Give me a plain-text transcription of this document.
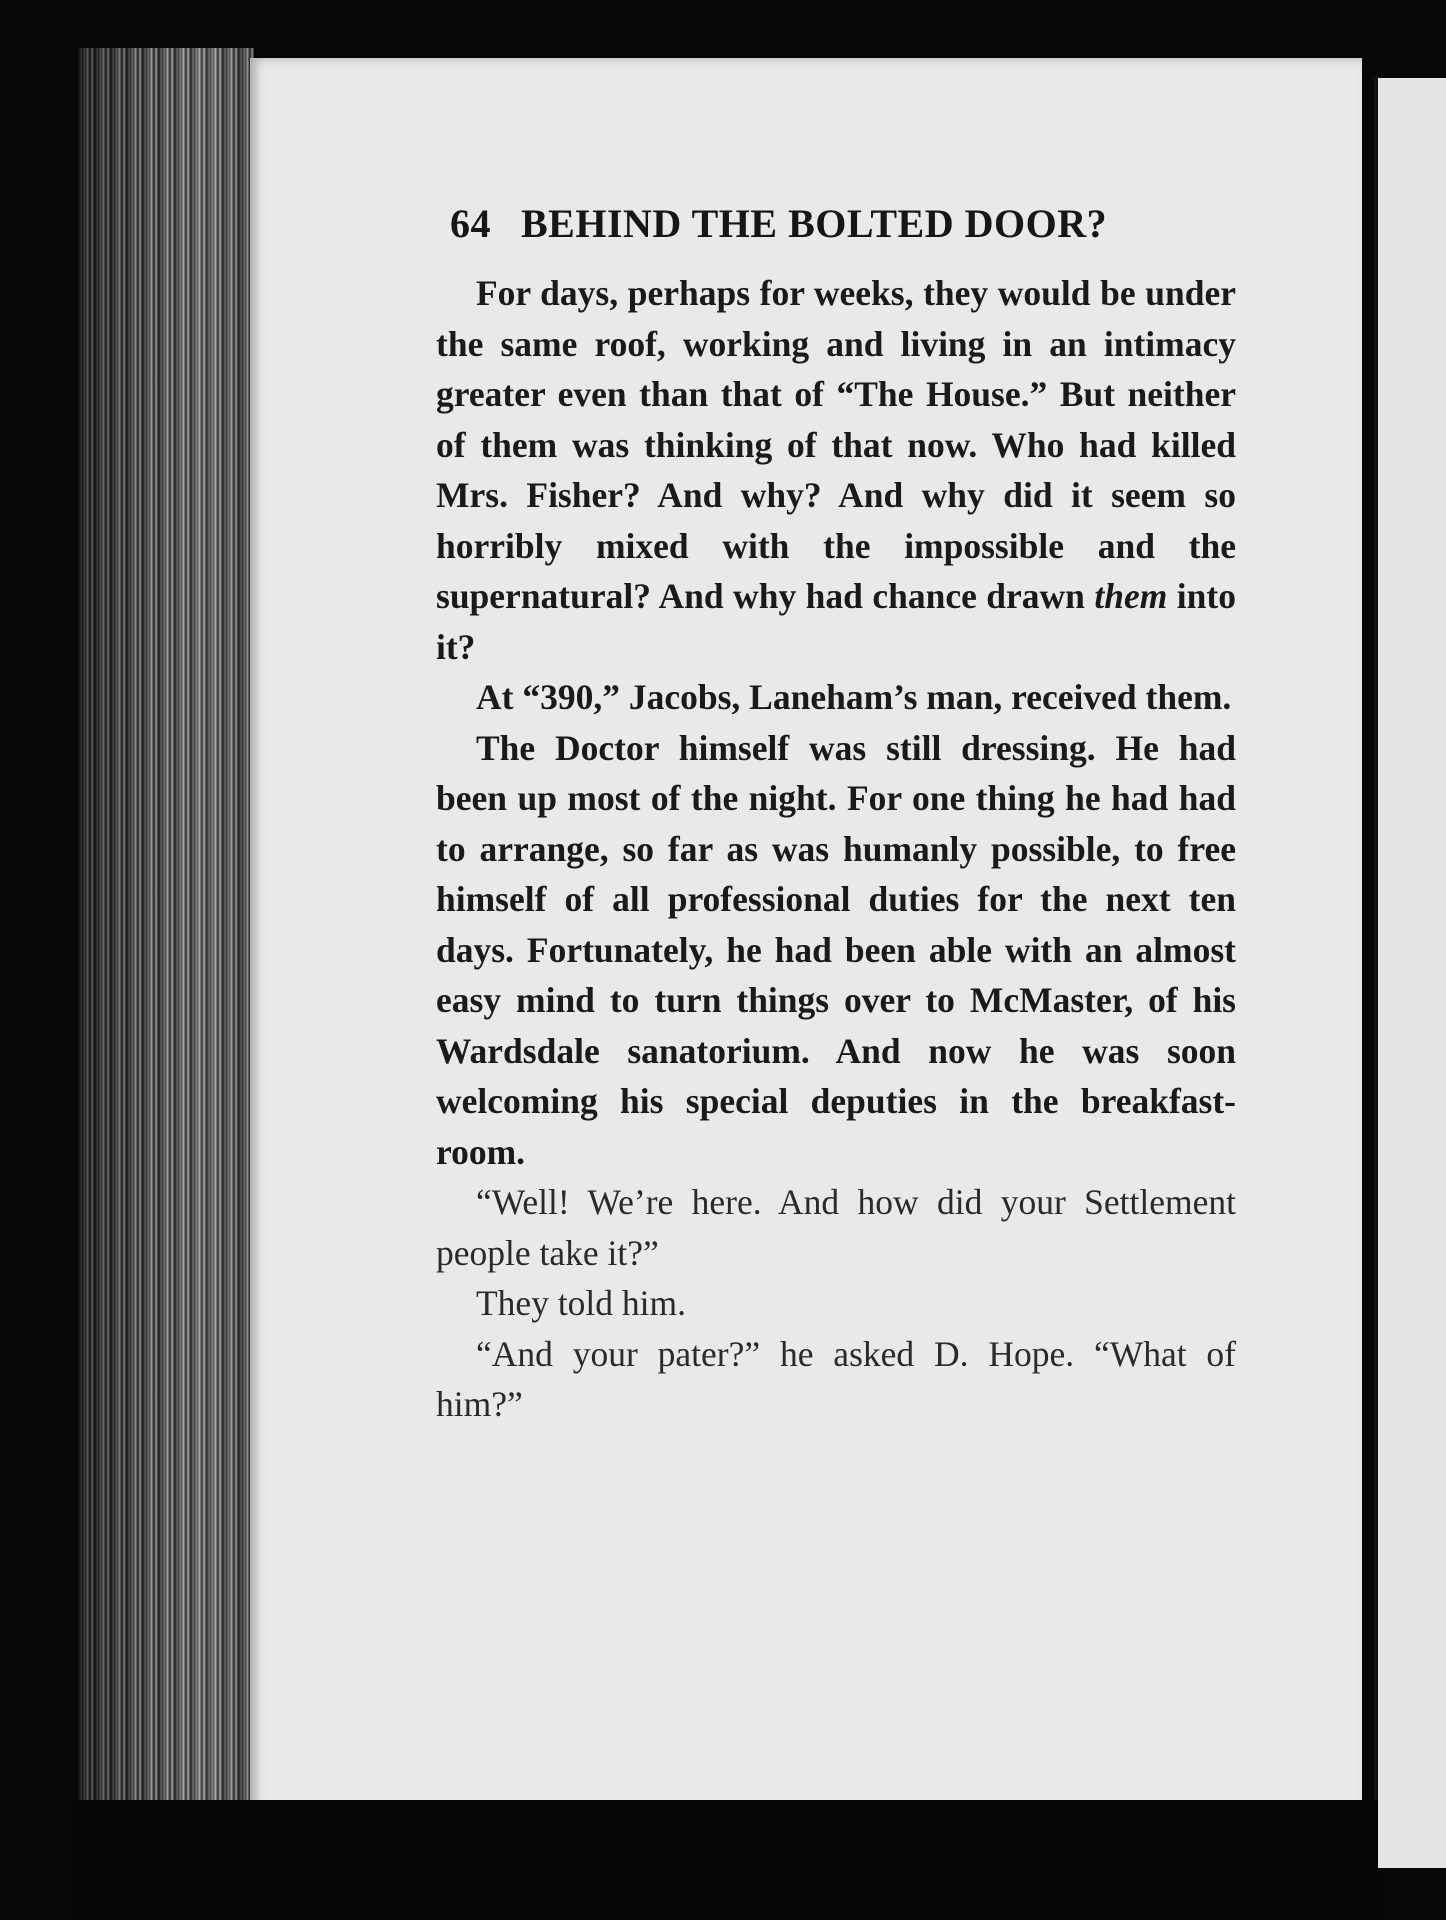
64 BEHIND THE BOLTED DOOR?

For days, perhaps for weeks, they would be under the same roof, working and living in an intimacy greater even than that of “The House.” But neither of them was thinking of that now. Who had killed Mrs. Fisher? And why? And why did it seem so horribly mixed with the impossible and the supernatural? And why had chance drawn them into it?

At “390,” Jacobs, Laneham’s man, received them.

The Doctor himself was still dressing. He had been up most of the night. For one thing he had had to arrange, so far as was humanly possible, to free himself of all professional duties for the next ten days. Fortunately, he had been able with an almost easy mind to turn things over to McMaster, of his Wardsdale sanatorium. And now he was soon welcoming his special deputies in the breakfast-room.

“Well! We’re here. And how did your Settlement people take it?”

They told him.

“And your pater?” he asked D. Hope. “What of him?”
